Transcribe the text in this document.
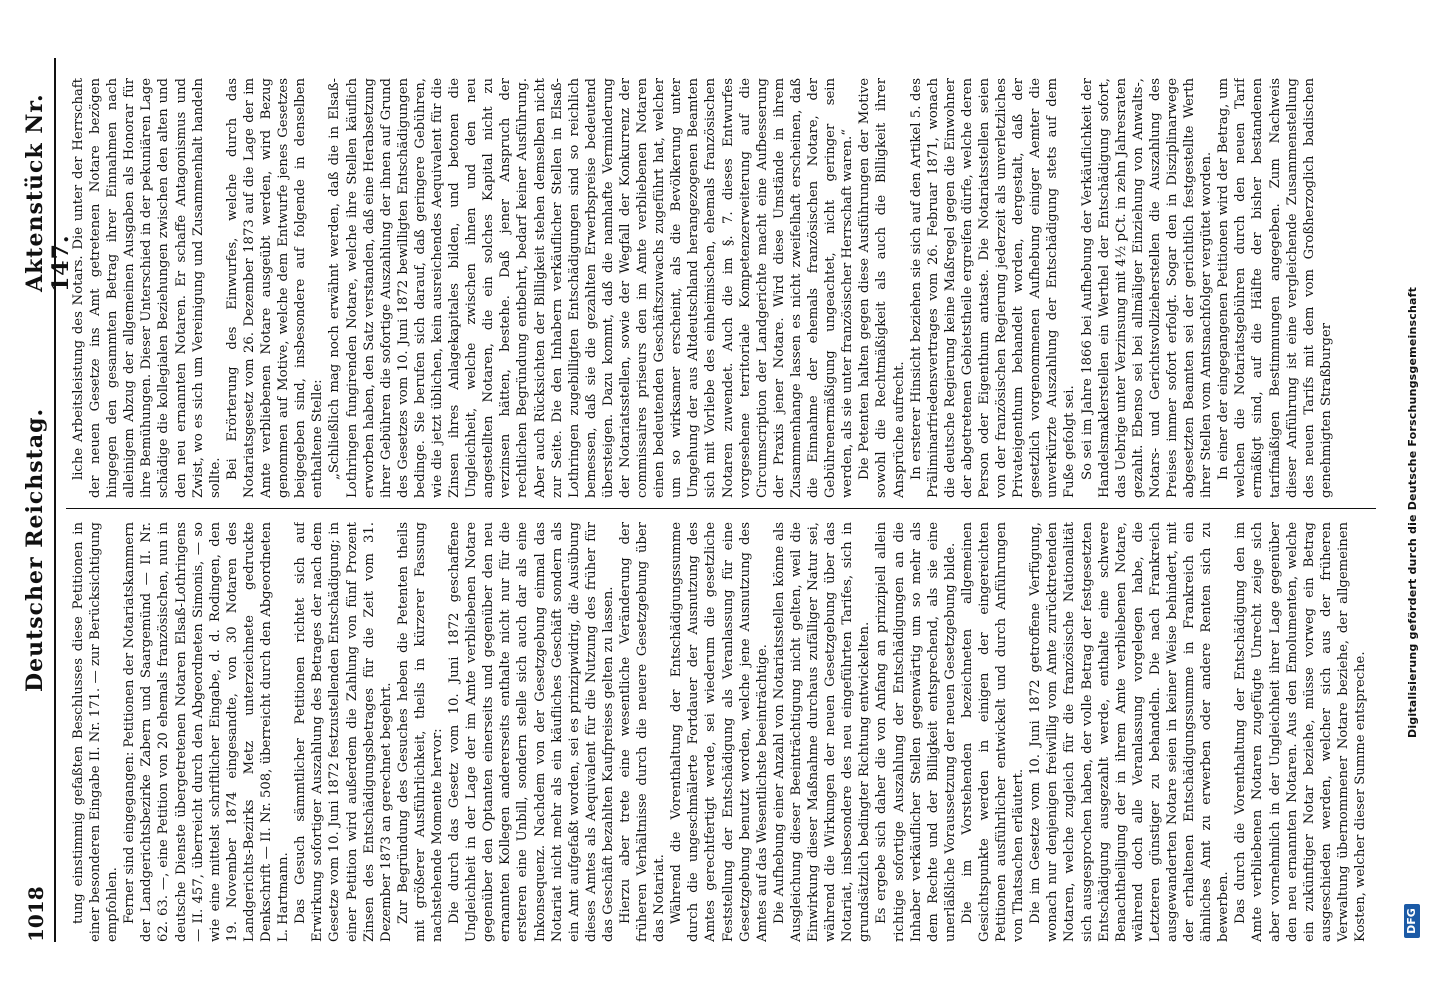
1018
Deutscher Reichstag.
Aktenstück Nr. 147.

tung einstimmig gefaßten Beschlusses diese Petitionen in einer besonderen Eingabe II. Nr. 171. — zur Berücksichtigung empfohlen. Ferner sind eingegangen: Petitionen der Notariatskammern der Landgerichtsbezirke Zabern und Saargemünd — II. Nr. 62. 63. —, eine Petition von 20 ehemals französischen, nun in deutsche Dienste übergetretenen Notaren Elsaß-Lothringens — II. 457, überreicht durch den Abgeordneten Simonis, — so wie eine mittelst schriftlicher Eingabe, d. d. Rodingen, den 19. November 1874 eingesandte, von 30 Notaren des Landgerichts-Bezirks Metz unterzeichnete gedruckte Denkschrift — II. Nr. 508, überreicht durch den Abgeordneten L. Hartmann. Das Gesuch sämmtlicher Petitionen richtet sich auf Erwirkung sofortiger Auszahlung des Betrages der nach dem Gesetze vom 10. Juni 1872 festzustellenden Entschädigung; in einer Petition wird außerdem die Zahlung von fünf Prozent Zinsen des Entschädigungsbetrages für die Zeit vom 31. Dezember 1873 an gerechnet begehrt. Zur Begründung des Gesuches heben die Petenten theils mit größerer Ausführlichkeit, theils in kürzerer Fassung nachstehende Momente hervor: Die durch das Gesetz vom 10. Juni 1872 geschaffene Ungleichheit in der Lage der im Amte verbliebenen Notare gegenüber den Optanten einerseits und gegenüber den neu ernannten Kollegen andererseits enthalte nicht nur für die ersteren eine Unbill, sondern stelle sich auch dar als eine Inkonsequenz. Nachdem von der Gesetzgebung einmal das Notariat nicht mehr als ein käufliches Geschäft sondern als ein Amt aufgefaßt worden, sei es prinzipwidrig, die Ausübung dieses Amtes als Aequivalent für die Nutzung des früher für das Geschäft bezahlten Kaufpreises gelten zu lassen. Hierzu aber trete eine wesentliche Veränderung der früheren Verhältnisse durch die neuere Gesetzgebung über das Notariat. Während die Vorenthaltung der Entschädigungssumme durch die ungeschmälerte Fortdauer der Ausnutzung des Amtes gerechtfertigt werde, sei wiederum die gesetzliche Feststellung der Entschädigung als Veranlassung für eine Gesetzgebung benutzt worden, welche jene Ausnutzung des Amtes auf das Wesentlichste beeinträchtige. Die Aufhebung einer Anzahl von Notariatsstellen könne als Ausgleichung dieser Beeinträchtigung nicht gelten, weil die Einwirkung dieser Maßnahme durchaus zufälliger Natur sei, während die Wirkungen der neuen Gesetzgebung über das Notariat, insbesondere des neu eingeführten Tarifes, sich in grundsätzlich bedingter Richtung entwickelten. Es ergebe sich daher die von Anfang an prinzipiell allein richtige sofortige Auszahlung der Entschädigungen an die Inhaber verkäuflicher Stellen gegenwärtig um so mehr als dem Rechte und der Billigkeit entsprechend, als sie eine unerläßliche Voraussetzung der neuen Gesetzgebung bilde. Die im Vorstehenden bezeichneten allgemeinen Gesichtspunkte werden in einigen der eingereichten Petitionen ausführlicher entwickelt und durch Anführungen von Thatsachen erläutert. Die im Gesetze vom 10. Juni 1872 getroffene Verfügung, wonach nur denjenigen freiwillig vom Amte zurücktretenden Notaren, welche zugleich für die französische Nationalität sich ausgesprochen haben, der volle Betrag der festgesetzten Entschädigung ausgezahlt werde, enthalte eine schwere Benachtheiligung der in ihrem Amte verbliebenen Notare, während doch alle Veranlassung vorgelegen habe, die Letzteren günstiger zu behandeln. Die nach Frankreich ausgewanderten Notare seien in keiner Weise behindert, mit der erhaltenen Entschädigungssumme in Frankreich ein ähnliches Amt zu erwerben oder andere Renten sich zu bewerben. Das durch die Vorenthaltung der Entschädigung den im Amte verbliebenen Notaren zugefügte Unrecht zeige sich aber vornehmlich in der Ungleichheit ihrer Lage gegenüber den neu ernannten Notaren. Aus den Emolumenten, welche ein zukünftiger Notar beziehe, müsse vorweg ein Betrag ausgeschieden werden, welcher sich aus der früheren Verwaltung übernommener Notare beziehe, der allgemeinen Kosten, welcher dieser Summe entspreche.

liche Arbeitsleistung des Notars. Die unter der Herrschaft der neuen Gesetze ins Amt getretenen Notare bezögen hingegen den gesammten Betrag ihrer Einnahmen nach alleinigem Abzug der allgemeinen Ausgaben als Honorar für ihre Bemühungen. Dieser Unterschied in der pekuniären Lage schädige die kollegialen Beziehungen zwischen den alten und den neu ernannten Notaren. Er schaffe Antagonismus und Zwist, wo es sich um Vereinigung und Zusammenhalt handeln sollte. Bei Erörterung des Einwurfes, welche durch das Notariatsgesetz vom 26. Dezember 1873 auf die Lage der im Amte verbliebenen Notare ausgeübt werden, wird Bezug genommen auf Motive, welche dem Entwurfe jenes Gesetzes beigegeben sind, insbesondere auf folgende in denselben enthaltene Stelle: „Schließlich mag noch erwähnt werden, daß die in Elsaß-Lothringen fungirenden Notare, welche ihre Stellen käuflich erworben haben, den Satz verstanden, daß eine Herabsetzung ihrer Gebühren die sofortige Auszahlung der ihnen auf Grund des Gesetzes vom 10. Juni 1872 bewilligten Entschädigungen bedinge. Sie berufen sich darauf, daß geringere Gebühren, wie die jetzt üblichen, kein ausreichendes Aequivalent für die Zinsen ihres Anlagekapitales bilden, und betonen die Ungleichheit, welche zwischen ihnen und den neu angestellten Notaren, die ein solches Kapital nicht zu verzinsen hätten, bestehe. Daß jener Anspruch der rechtlichen Begründung entbehrt, bedarf keiner Ausführung. Aber auch Rücksichten der Billigkeit stehen demselben nicht zur Seite. Die den Inhabern verkäuflicher Stellen in Elsaß-Lothringen zugebilligten Entschädigungen sind so reichlich bemessen, daß sie die gezahlten Erwerbspreise bedeutend übersteigen. Dazu kommt, daß die namhafte Verminderung der Notariatsstellen, sowie der Wegfall der Konkurrenz der commissaires priseurs den im Amte verbliebenen Notaren einen bedeutenden Geschäftszuwachs zugeführt hat, welcher um so wirksamer erscheint, als die Bevölkerung unter Umgehung der aus Altdeutschland herangezogenen Beamten sich mit Vorliebe des einheimischen, ehemals französischen Notaren zuwendet. Auch die im §. 7. dieses Entwurfes vorgesehene territoriale Kompetenzerweiterung auf die Circumscription der Landgerichte macht eine Aufbesserung der Praxis jener Notare. Wird diese Umstände in ihrem Zusammenhange lassen es nicht zweifelhaft erscheinen, daß die Einnahme der ehemals französischen Notare, der Gebührenermäßigung ungeachtet, nicht geringer sein werden, als sie unter französischer Herrschaft waren.“ Die Petenten halten gegen diese Ausführungen der Motive sowohl die Rechtmäßigkeit als auch die Billigkeit ihrer Ansprüche aufrecht. In ersterer Hinsicht beziehen sie sich auf den Artikel 5. des Präliminarfriedensvertrages vom 26. Februar 1871, wonach die deutsche Regierung keine Maßregel gegen die Einwohner der abgetretenen Gebietstheile ergreifen dürfe, welche deren Person oder Eigenthum antaste. Die Notariatsstellen seien von der französischen Regierung jederzeit als unverletzliches Privateigenthum behandelt worden, dergestalt, daß der gesetzlich vorgenommenen Aufhebung einiger Aemter die unverkürzte Auszahlung der Entschädigung stets auf dem Fuße gefolgt sei. So sei im Jahre 1866 bei Aufhebung der Verkäuflichkeit der Handelsmaklerstellen ein Werthel der Entschädigung sofort, das Uebrige unter Verzinsung mit 4½ pCt. in zehn Jahresraten gezahlt. Ebenso sei bei allmäliger Einziehung von Anwalts-, Notars- und Gerichtsvollzieherstellen die Auszahlung des Preises immer sofort erfolgt. Sogar den in Disziplinarwege abgesetzten Beamten sei der gerichtlich festgestellte Werth ihrer Stellen vom Amtsnachfolger vergütet worden. In einer der eingegangenen Petitionen wird der Betrag, um welchen die Notariatsgebühren durch den neuen Tarif ermäßigt sind, auf die Hälfte der bisher bestandenen tarifmäßigen Bestimmungen angegeben. Zum Nachweis dieser Anführung ist eine vergleichende Zusammenstellung des neuen Tarifs mit dem vom Großherzoglich badischen genehmigten Straßburger

DFG
Digitalisierung gefördert durch die Deutsche Forschungsgemeinschaft
